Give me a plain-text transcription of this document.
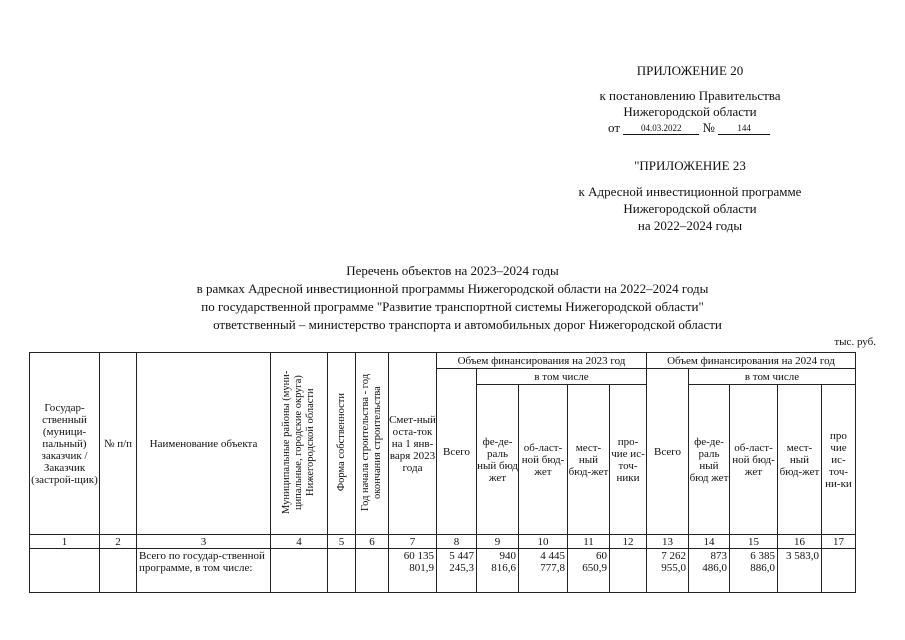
ПРИЛОЖЕНИЕ 20
к постановлению Правительства
Нижегородской области
от 04.03.2022 №	144
"ПРИЛОЖЕНИЕ 23
к Адресной инвестиционной программе
Нижегородской области
на 2022–2024 годы
Перечень объектов на 2023–2024 годы
в рамках Адресной инвестиционной программы Нижегородской области на 2022–2024 годы
по государственной программе "Развитие транспортной системы Нижегородской области"
ответственный – министерство транспорта и автомобильных дорог Нижегородской области
тыс. руб.
Государ-ственный (муници-пальный) заказчик / Заказчик (застрой-щик)	№ п/п	Наименование объекта	Муниципальные районы (муни-ципальные, городские округа) Нижегородской области	Форма собственности	Год начала строительства - год окончания строительства	Смет-ный оста-ток на 1 янв-варя 2023 года	Объем финансирования на 2023 год					Объем финансирования на 2024 год				
							Всего	в том числе				Всего	в том числе			
								фе-де-раль ный бюд жет	об-ласт-ной бюд-жет	мест-ный бюд-жет	про-чие ис-точ-ники		фе-де-раль ный бюд жет	об-ласт-ной бюд-жет	мест-ный бюд-жет	про чие ис-точ-ни-ки
1	2	3	4	5	6	7	8	9	10	11	12	13	14	15	16	17
		Всего по государ-ственной программе, в том числе:				60 135 801,9	5 447 245,3	940 816,6	4 445 777,8	60 650,9		7 262 955,0	873 486,0	6 385 886,0	3 583,0	
